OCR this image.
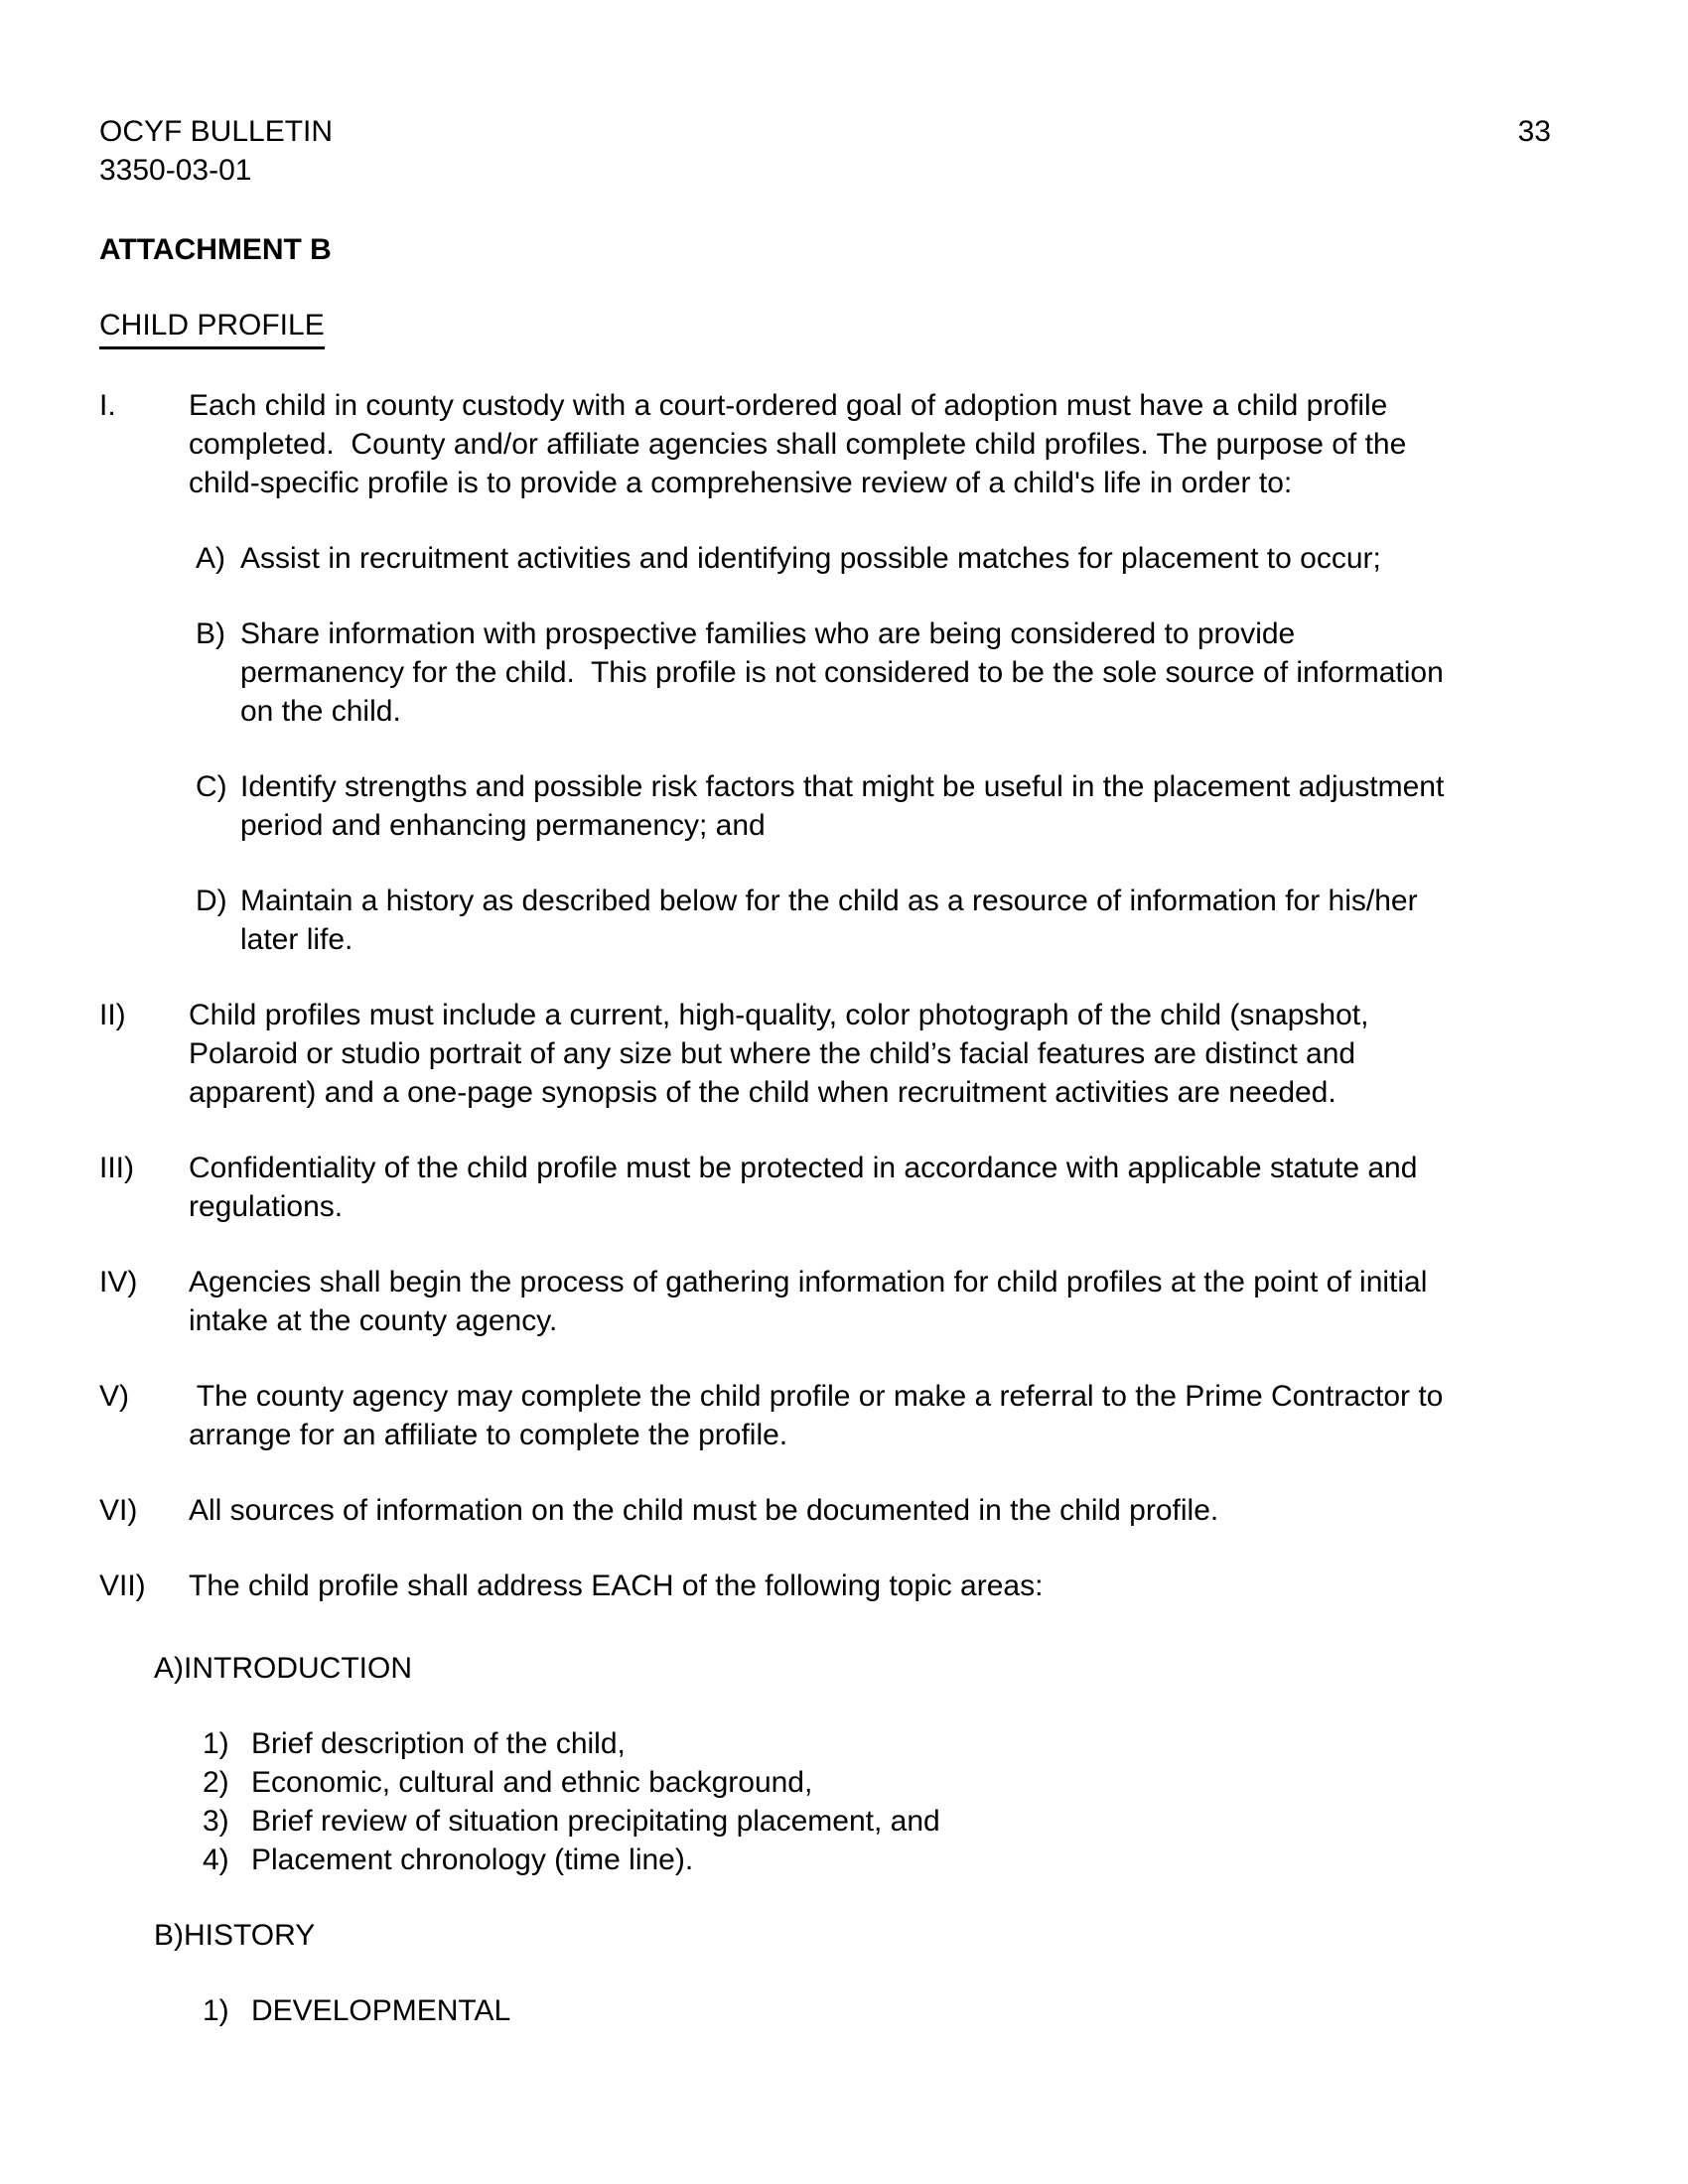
OCYF BULLETIN
3350-03-01
33
ATTACHMENT B
CHILD PROFILE
I.	Each child in county custody with a court-ordered goal of adoption must have a child profile
completed.  County and/or affiliate agencies shall complete child profiles. The purpose of the
child-specific profile is to provide a comprehensive review of a child's life in order to:
A) Assist in recruitment activities and identifying possible matches for placement to occur;
B) Share information with prospective families who are being considered to provide
permanency for the child.  This profile is not considered to be the sole source of information
on the child.
C) Identify strengths and possible risk factors that might be useful in the placement adjustment
period and enhancing permanency; and
D) Maintain a history as described below for the child as a resource of information for his/her
later life.
II)	Child profiles must include a current, high-quality, color photograph of the child (snapshot,
Polaroid or studio portrait of any size but where the child’s facial features are distinct and
apparent) and a one-page synopsis of the child when recruitment activities are needed.
III)	Confidentiality of the child profile must be protected in accordance with applicable statute and
regulations.
IV)	Agencies shall begin the process of gathering information for child profiles at the point of initial
intake at the county agency.
V)	The county agency may complete the child profile or make a referral to the Prime Contractor to
arrange for an affiliate to complete the profile.
VI)	All sources of information on the child must be documented in the child profile.
VII)	The child profile shall address EACH of the following topic areas:
A)INTRODUCTION
1) Brief description of the child,
2) Economic, cultural and ethnic background,
3) Brief review of situation precipitating placement, and
4) Placement chronology (time line).
B)HISTORY
1) DEVELOPMENTAL
